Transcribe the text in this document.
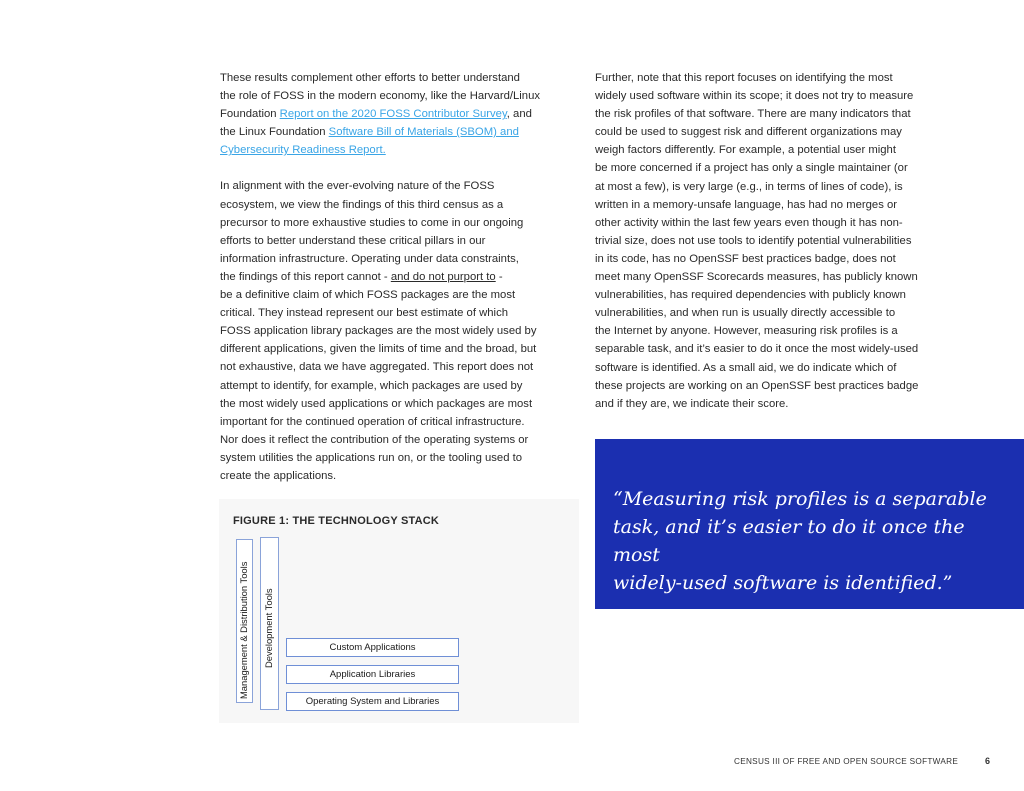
These results complement other efforts to better understand
the role of FOSS in the modern economy, like the Harvard/Linux
Foundation Report on the 2020 FOSS Contributor Survey, and
the Linux Foundation Software Bill of Materials (SBOM) and
Cybersecurity Readiness Report.

In alignment with the ever-evolving nature of the FOSS
ecosystem, we view the findings of this third census as a
precursor to more exhaustive studies to come in our ongoing
efforts to better understand these critical pillars in our
information infrastructure. Operating under data constraints,
the findings of this report cannot - and do not purport to -
be a definitive claim of which FOSS packages are the most
critical. They instead represent our best estimate of which
FOSS application library packages are the most widely used by
different applications, given the limits of time and the broad, but
not exhaustive, data we have aggregated. This report does not
attempt to identify, for example, which packages are used by
the most widely used applications or which packages are most
important for the continued operation of critical infrastructure.
Nor does it reflect the contribution of the operating systems or
system utilities the applications run on, or the tooling used to
create the applications.

Further, note that this report focuses on identifying the most
widely used software within its scope; it does not try to measure
the risk profiles of that software. There are many indicators that
could be used to suggest risk and different organizations may
weigh factors differently. For example, a potential user might
be more concerned if a project has only a single maintainer (or
at most a few), is very large (e.g., in terms of lines of code), is
written in a memory-unsafe language, has had no merges or
other activity within the last few years even though it has non-
trivial size, does not use tools to identify potential vulnerabilities
in its code, has no OpenSSF best practices badge, does not
meet many OpenSSF Scorecards measures, has publicly known
vulnerabilities, has required dependencies with publicly known
vulnerabilities, and when run is usually directly accessible to
the Internet by anyone. However, measuring risk profiles is a
separable task, and it’s easier to do it once the most widely-used
software is identified. As a small aid, we do indicate which of
these projects are working on an OpenSSF best practices badge
and if they are, we indicate their score.

“Measuring risk profiles is a separable
task, and it’s easier to do it once the most
widely-used software is identified.”
FIGURE 1: THE TECHNOLOGY STACK
Management & Distribution Tools Development Tools	Custom Applications
Application Libraries
Operating System and Libraries
CENSUS III OF FREE AND OPEN SOURCE SOFTWARE	6
